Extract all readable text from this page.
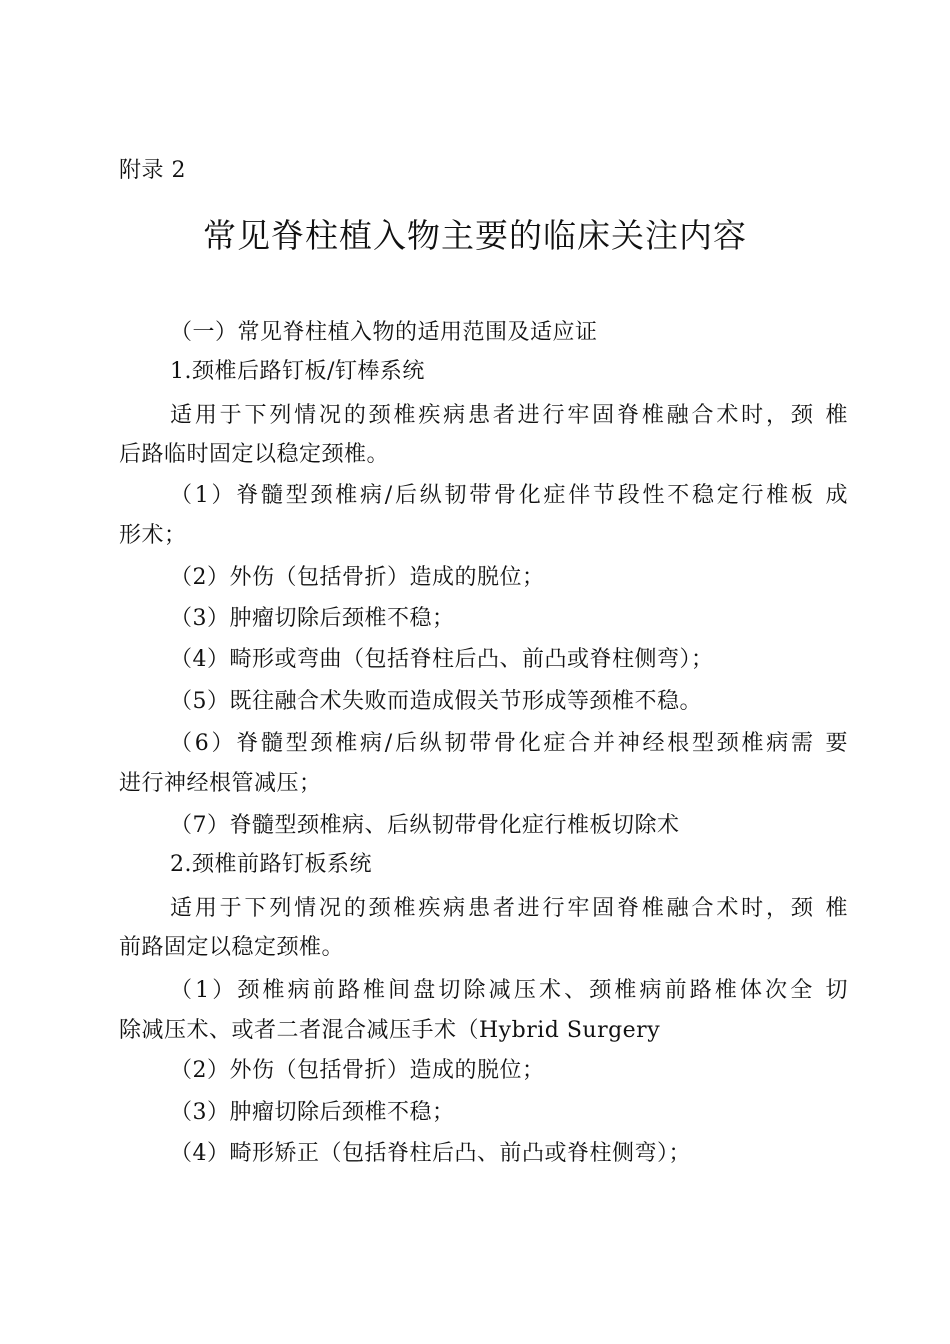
附录 2
常见脊柱植入物主要的临床关注内容
（一）常见脊柱植入物的适用范围及适应证
1.颈椎后路钉板/钉棒系统
适用于下列情况的颈椎疾病患者进行牢固脊椎融合术时，颈 椎
后路临时固定以稳定颈椎。
（1）脊髓型颈椎病/后纵韧带骨化症伴节段性不稳定行椎板 成
形术；
（2）外伤（包括骨折）造成的脱位；
（3）肿瘤切除后颈椎不稳；
（4）畸形或弯曲（包括脊柱后凸、前凸或脊柱侧弯）；
（5）既往融合术失败而造成假关节形成等颈椎不稳。
（6）脊髓型颈椎病/后纵韧带骨化症合并神经根型颈椎病需 要
进行神经根管减压；
（7）脊髓型颈椎病、后纵韧带骨化症行椎板切除术
2.颈椎前路钉板系统
适用于下列情况的颈椎疾病患者进行牢固脊椎融合术时，颈 椎
前路固定以稳定颈椎。
（1）颈椎病前路椎间盘切除减压术、颈椎病前路椎体次全 切
除减压术、或者二者混合减压手术（Hybrid Surgery
（2）外伤（包括骨折）造成的脱位；
（3）肿瘤切除后颈椎不稳；
（4）畸形矫正（包括脊柱后凸、前凸或脊柱侧弯）；
